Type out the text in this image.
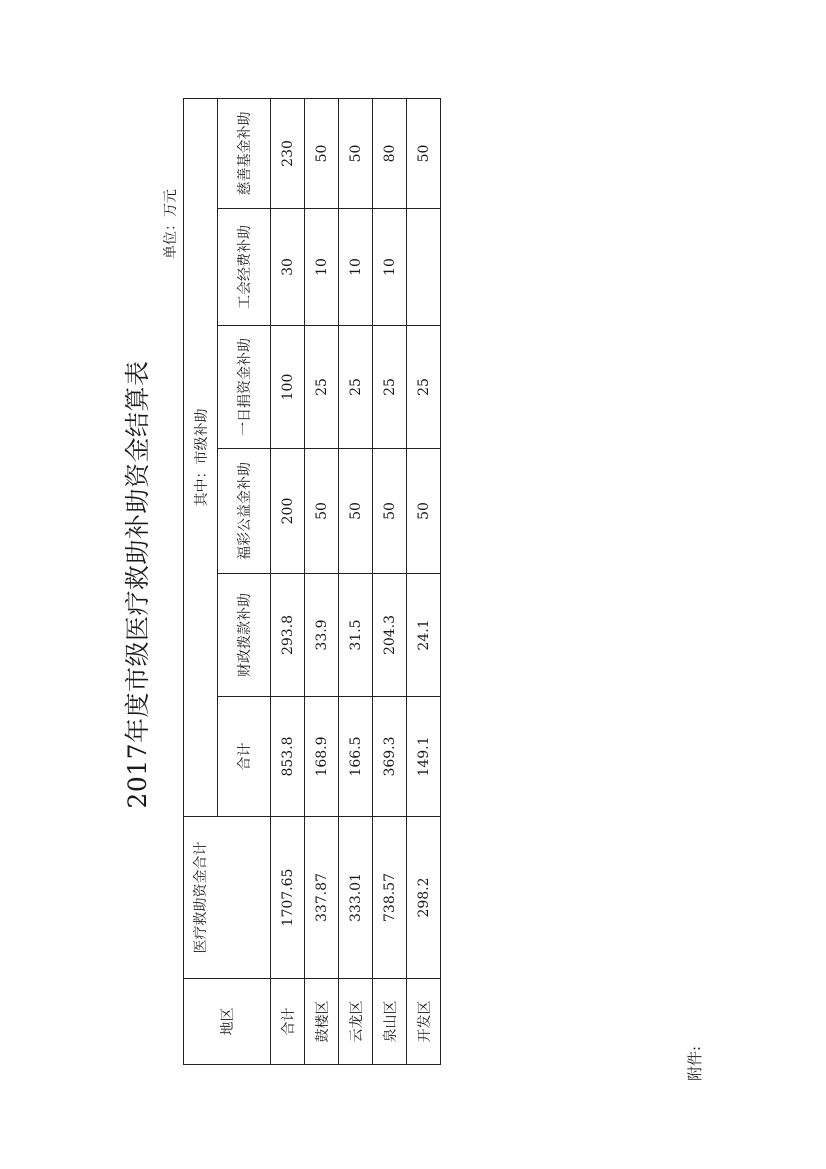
附件:
2017年度市级医疗救助补助资金结算表
单位：万元
地区	医疗救助资金合计	其中：市级补助					
		合计	财政拨款补助	福彩公益金补助	一日捐资金补助	工会经费补助	慈善基金补助
合计	1707.65	853.8	293.8	200	100	30	230
鼓楼区	337.87	168.9	33.9	50	25	10	50
云龙区	333.01	166.5	31.5	50	25	10	50
泉山区	738.57	369.3	204.3	50	25	10	80
开发区	298.2	149.1	24.1	50	25		50
